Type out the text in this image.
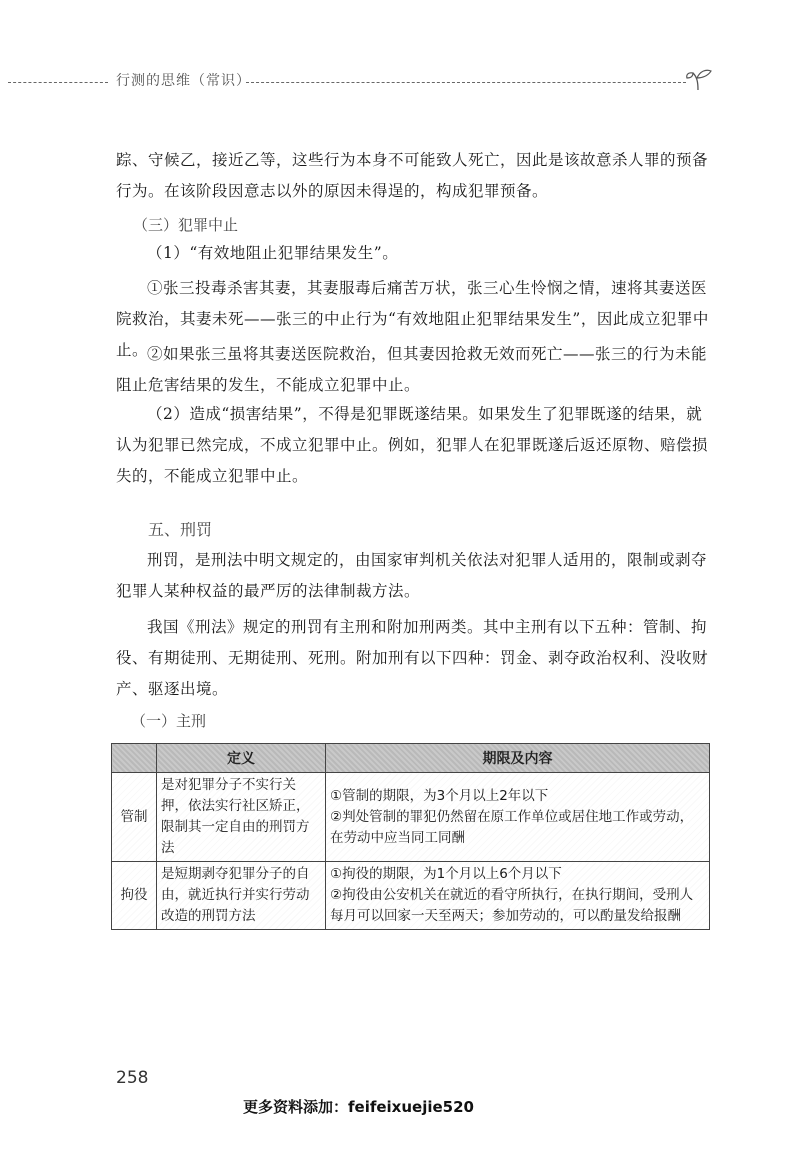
行测的思维（常识）
踪、守候乙，接近乙等，这些行为本身不可能致人死亡，因此是该故意杀人罪的预备行为。在该阶段因意志以外的原因未得逞的，构成犯罪预备。
（三）犯罪中止
（1）“有效地阻止犯罪结果发生”。
①张三投毒杀害其妻，其妻服毒后痛苦万状，张三心生怜悯之情，速将其妻送医院救治，其妻未死——张三的中止行为“有效地阻止犯罪结果发生”，因此成立犯罪中止。
②如果张三虽将其妻送医院救治，但其妻因抢救无效而死亡——张三的行为未能阻止危害结果的发生，不能成立犯罪中止。
（2）造成“损害结果”，不得是犯罪既遂结果。如果发生了犯罪既遂的结果，就认为犯罪已然完成，不成立犯罪中止。例如，犯罪人在犯罪既遂后返还原物、赔偿损失的，不能成立犯罪中止。
五、刑罚
刑罚，是刑法中明文规定的，由国家审判机关依法对犯罪人适用的，限制或剥夺犯罪人某种权益的最严厉的法律制裁方法。
我国《刑法》规定的刑罚有主刑和附加刑两类。其中主刑有以下五种：管制、拘役、有期徒刑、无期徒刑、死刑。附加刑有以下四种：罚金、剥夺政治权利、没收财产、驱逐出境。
（一）主刑
	定义	期限及内容
管制	是对犯罪分子不实行关押，依法实行社区矫正，限制其一定自由的刑罚方法	①管制的期限，为3个月以上2年以下
②判处管制的罪犯仍然留在原工作单位或居住地工作或劳动，在劳动中应当同工同酬

拘役	是短期剥夺犯罪分子的自由，就近执行并实行劳动改造的刑罚方法	①拘役的期限，为1个月以上6个月以下
②拘役由公安机关在就近的看守所执行，在执行期间，受刑人每月可以回家一天至两天；参加劳动的，可以酌量发给报酬
258
更多资料添加：feifeixuejie520
